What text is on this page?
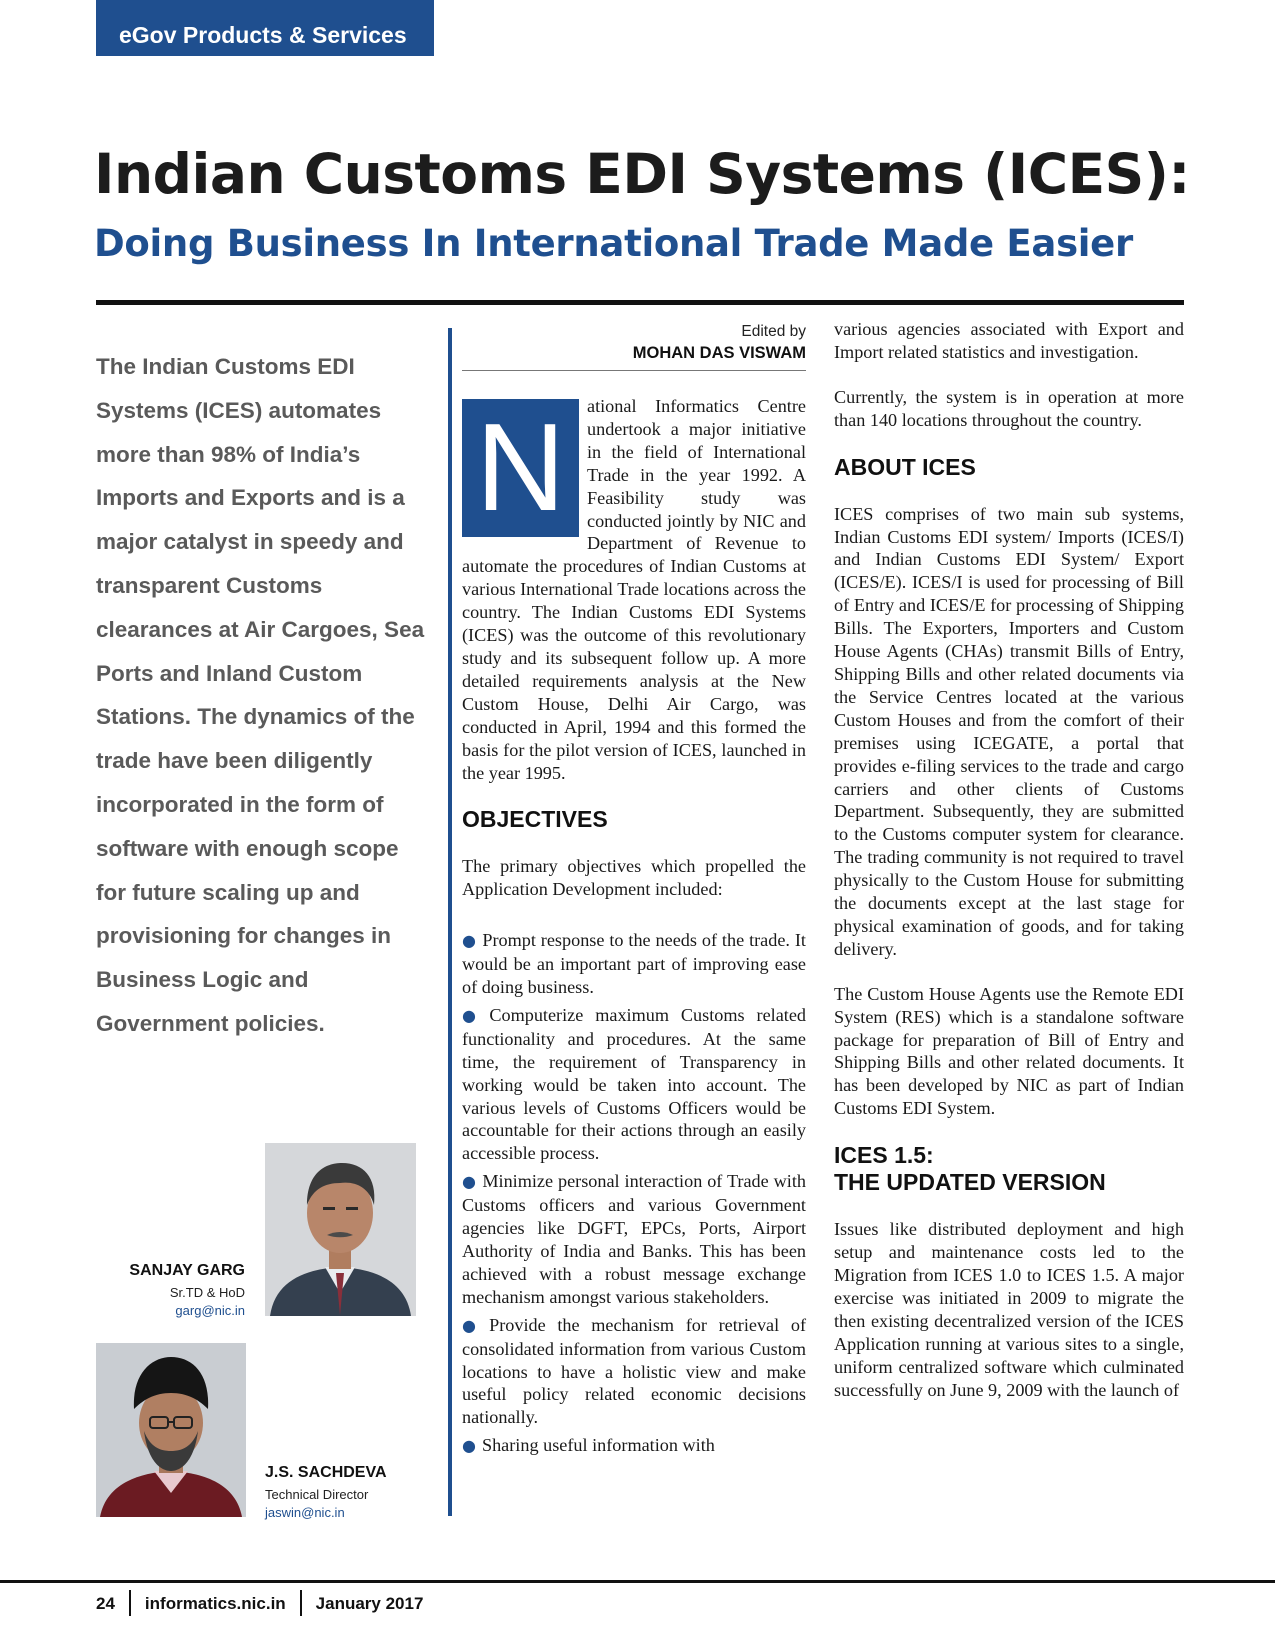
eGov Products & Services
Indian Customs EDI Systems (ICES):
Doing Business In International Trade Made Easier

The Indian Customs EDI Systems (ICES) automates more than 98% of India’s Imports and Exports and is a major catalyst in speedy and transparent Customs clearances at Air Cargoes, Sea Ports and Inland Custom Stations. The dynamics of the trade have been diligently incorporated in the form of software with enough scope for future scaling up and provisioning for changes in Business Logic and Government policies.

SANJAY GARG
Sr.TD & HoD
garg@nic.in
J.S. SACHDEVA
Technical Director
jaswin@nic.in
Edited by
MOHAN DAS VISWAM

N	ational Informatics Centre undertook a major initiative in the field of International Trade in the year 1992. A Feasibility study was conducted jointly by NIC and Department of Revenue to automate the procedures of Indian Customs at various International Trade locations across the country. The Indian Customs EDI Systems (ICES) was the outcome of this revolutionary study and its subsequent follow up. A more detailed requirements analysis at the New Custom House, Delhi Air Cargo, was conducted in April, 1994 and this formed the basis for the pilot version of ICES, launched in the year 1995.

OBJECTIVES

The primary objectives which propelled the Application Development included:

● Prompt response to the needs of the trade. It would be an important part of improving ease of doing business.
● Computerize maximum Customs related functionality and procedures. At the same time, the requirement of Transparency in working would be taken into account. The various levels of Customs Officers would be accountable for their actions through an easily accessible process.
● Minimize personal interaction of Trade with Customs officers and various Government agencies like DGFT, EPCs, Ports, Airport Authority of India and Banks. This has been achieved with a robust message exchange mechanism amongst various stakeholders.
● Provide the mechanism for retrieval of consolidated information from various Custom locations to have a holistic view and make useful policy related economic decisions nationally.
● Sharing useful information with

various agencies associated with Export and Import related statistics and investigation.

Currently, the system is in operation at more than 140 locations throughout the country.

ABOUT ICES

ICES comprises of two main sub systems, Indian Customs EDI system/ Imports (ICES/I) and Indian Customs EDI System/ Export (ICES/E). ICES/I is used for processing of Bill of Entry and ICES/E for processing of Shipping Bills. The Exporters, Importers and Custom House Agents (CHAs) transmit Bills of Entry, Shipping Bills and other related documents via the Service Centres located at the various Custom Houses and from the comfort of their premises using ICEGATE, a portal that provides e-filing services to the trade and cargo carriers and other clients of Customs Department. Subsequently, they are submitted to the Customs computer system for clearance. The trading community is not required to travel physically to the Custom House for submitting the documents except at the last stage for physical examination of goods, and for taking delivery.

The Custom House Agents use the Remote EDI System (RES) which is a standalone software package for preparation of Bill of Entry and Shipping Bills and other related documents. It has been developed by NIC as part of Indian Customs EDI System.

ICES 1.5:
THE UPDATED VERSION

Issues like distributed deployment and high setup and maintenance costs led to the Migration from ICES 1.0 to ICES 1.5. A major exercise was initiated in 2009 to migrate the then existing decentralized version of the ICES Application running at various sites to a single, uniform centralized software which culminated successfully on June 9, 2009 with the launch of

24 informatics.nic.in January 2017
